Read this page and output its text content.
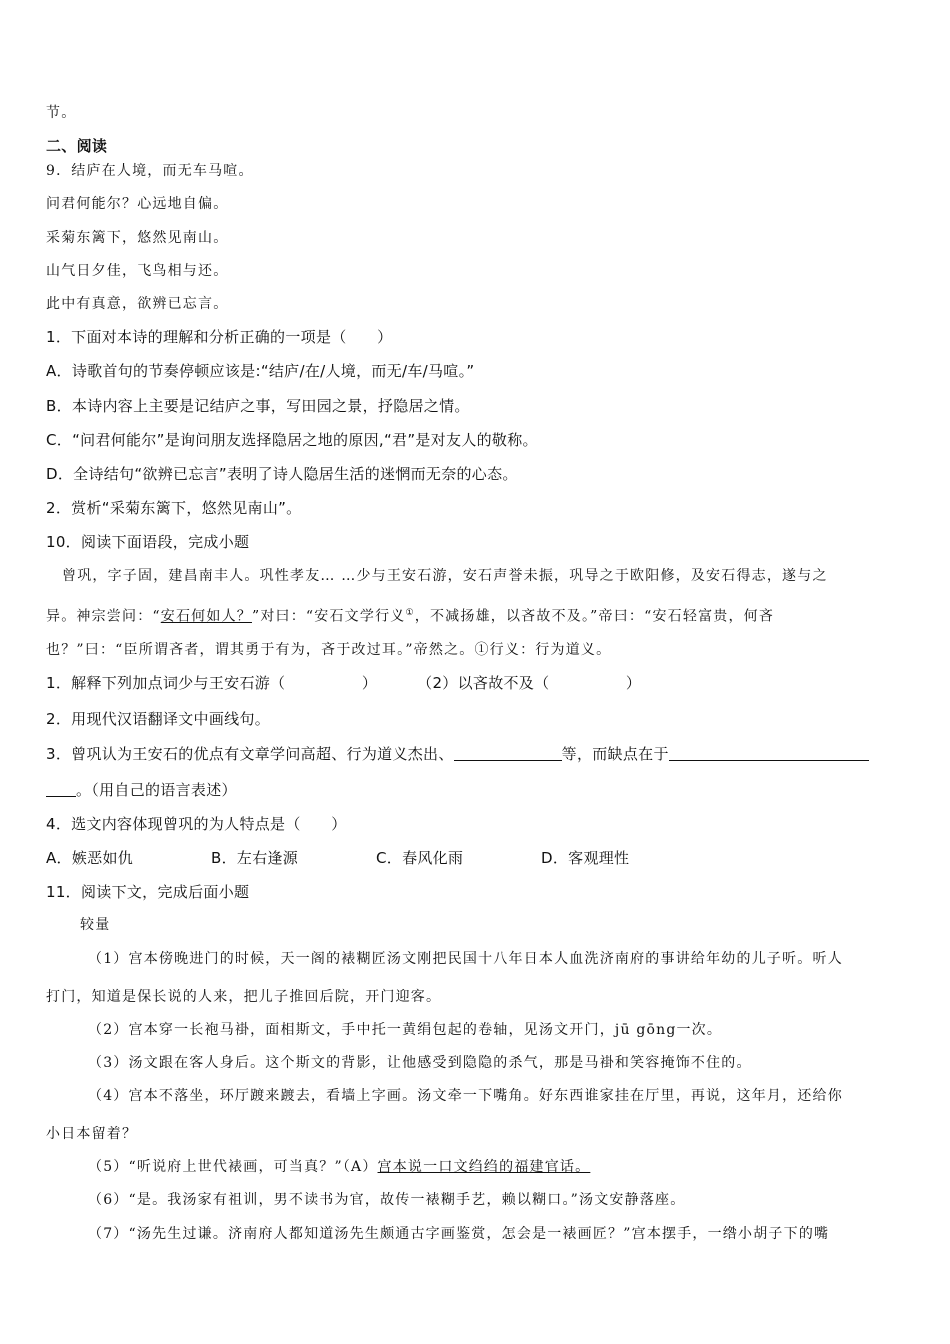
节。
二、阅读
9．结庐在人境，而无车马喧。
问君何能尔？心远地自偏。
采菊东篱下，悠然见南山。
山气日夕佳，飞鸟相与还。
此中有真意，欲辨已忘言。
1．下面对本诗的理解和分析正确的一项是（　　）
A．诗歌首句的节奏停顿应该是:“结庐/在/人境，而无/车/马喧。”
B．本诗内容上主要是记结庐之事，写田园之景，抒隐居之情。
C．“问君何能尔”是询问朋友选择隐居之地的原因,“君”是对友人的敬称。
D．全诗结句“欲辨已忘言”表明了诗人隐居生活的迷惘而无奈的心态。
2．赏析“采菊东篱下，悠然见南山”。
10．阅读下面语段，完成小题
曾巩，字子固，建昌南丰人。巩性孝友… …少与王安石游，安石声誉未振，巩导之于欧阳修，及安石得志，遂与之
异。神宗尝问：“安石何如人？”对曰：“安石文学行义①，不减扬雄，以吝故不及。”帝曰：“安石轻富贵，何吝
也？”曰：“臣所谓吝者，谓其勇于有为，吝于改过耳。”帝然之。①行义：行为道义。
1．解释下列加点词少与王安石游（　　　　　）	（2）以吝故不及（　　　　　）
2．用现代汉语翻译文中画线句。
3．曾巩认为王安石的优点有文章学问高超、行为道义杰出、	等，而缺点在于
。（用自己的语言表述）
4．选文内容体现曾巩的为人特点是（　　）
A．嫉恶如仇	B．左右逢源	C．春风化雨	D．客观理性
11．阅读下文，完成后面小题
较量
（1）宫本傍晚进门的时候，天一阁的裱糊匠汤文刚把民国十八年日本人血洗济南府的事讲给年幼的儿子听。听人
打门，知道是保长说的人来，把儿子推回后院，开门迎客。
（2）宫本穿一长袍马褂，面相斯文，手中托一黄绢包起的卷轴，见汤文开门，jū gōng一次。
（3）汤文跟在客人身后。这个斯文的背影，让他感受到隐隐的杀气，那是马褂和笑容掩饰不住的。
（4）宫本不落坐，环厅踱来踱去，看墙上字画。汤文牵一下嘴角。好东西谁家挂在厅里，再说，这年月，还给你
小日本留着？
（5）“听说府上世代裱画，可当真？”（A）宫本说一口文绉绉的福建官话。
（6）“是。我汤家有祖训，男不读书为官，故传一裱糊手艺，赖以糊口。”汤文安静落座。
（7）“汤先生过谦。济南府人都知道汤先生颇通古字画鉴赏，怎会是一裱画匠？”宫本摆手，一绺小胡子下的嘴
